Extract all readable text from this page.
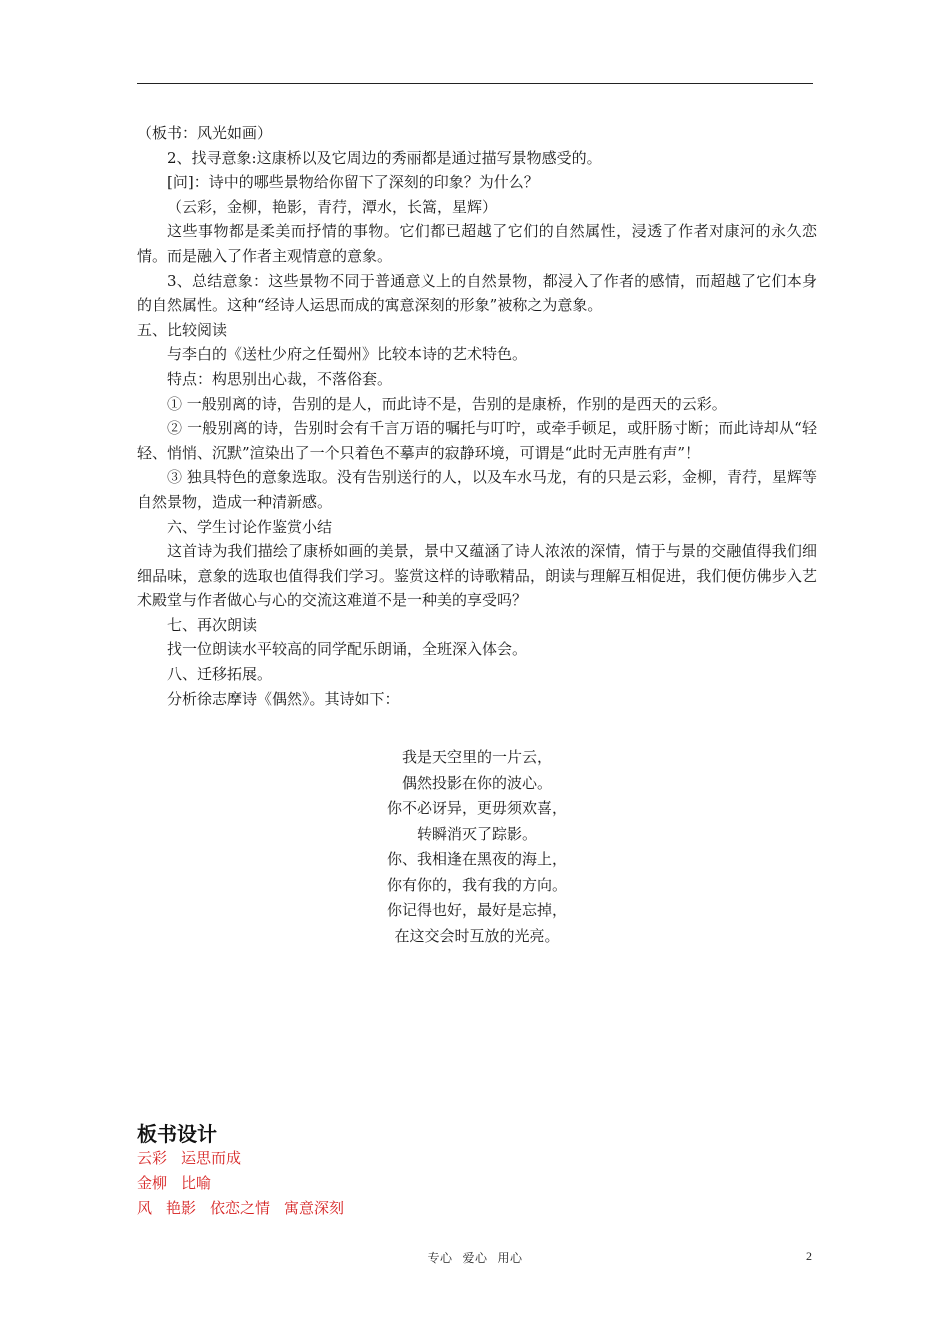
（板书：风光如画）

2、找寻意象:这康桥以及它周边的秀丽都是通过描写景物感受的。

[问]：诗中的哪些景物给你留下了深刻的印象？为什么？

（云彩，金柳，艳影，青荇，潭水，长篙，星辉）

这些事物都是柔美而抒情的事物。它们都已超越了它们的自然属性，浸透了作者对康河的永久恋情。而是融入了作者主观情意的意象。

3、总结意象：这些景物不同于普通意义上的自然景物，都浸入了作者的感情，而超越了它们本身的自然属性。这种“经诗人运思而成的寓意深刻的形象”被称之为意象。

五、比较阅读

与李白的《送杜少府之任蜀州》比较本诗的艺术特色。

特点：构思别出心裁，不落俗套。

① 一般别离的诗，告别的是人，而此诗不是，告别的是康桥，作别的是西天的云彩。

② 一般别离的诗，告别时会有千言万语的嘱托与叮咛，或牵手顿足，或肝肠寸断；而此诗却从“轻轻、悄悄、沉默”渲染出了一个只着色不摹声的寂静环境，可谓是“此时无声胜有声”！

③ 独具特色的意象选取。没有告别送行的人，以及车水马龙，有的只是云彩，金柳，青荇，星辉等自然景物，造成一种清新感。

六、学生讨论作鉴赏小结

这首诗为我们描绘了康桥如画的美景，景中又蕴涵了诗人浓浓的深情，情于与景的交融值得我们细细品味，意象的选取也值得我们学习。鉴赏这样的诗歌精品，朗读与理解互相促进，我们便仿佛步入艺术殿堂与作者做心与心的交流这难道不是一种美的享受吗？

七、再次朗读

找一位朗读水平较高的同学配乐朗诵，全班深入体会。

八、迁移拓展。

分析徐志摩诗《偶然》。其诗如下：

我是天空里的一片云，
偶然投影在你的波心。
你不必讶异，更毋须欢喜，
转瞬消灭了踪影。
你、我相逢在黑夜的海上，
你有你的，我有我的方向。
你记得也好，最好是忘掉，
在这交会时互放的光亮。
板书设计
云彩 运思而成
金柳 比喻
风 艳影 依恋之情 寓意深刻
专心 爱心 用心	2
